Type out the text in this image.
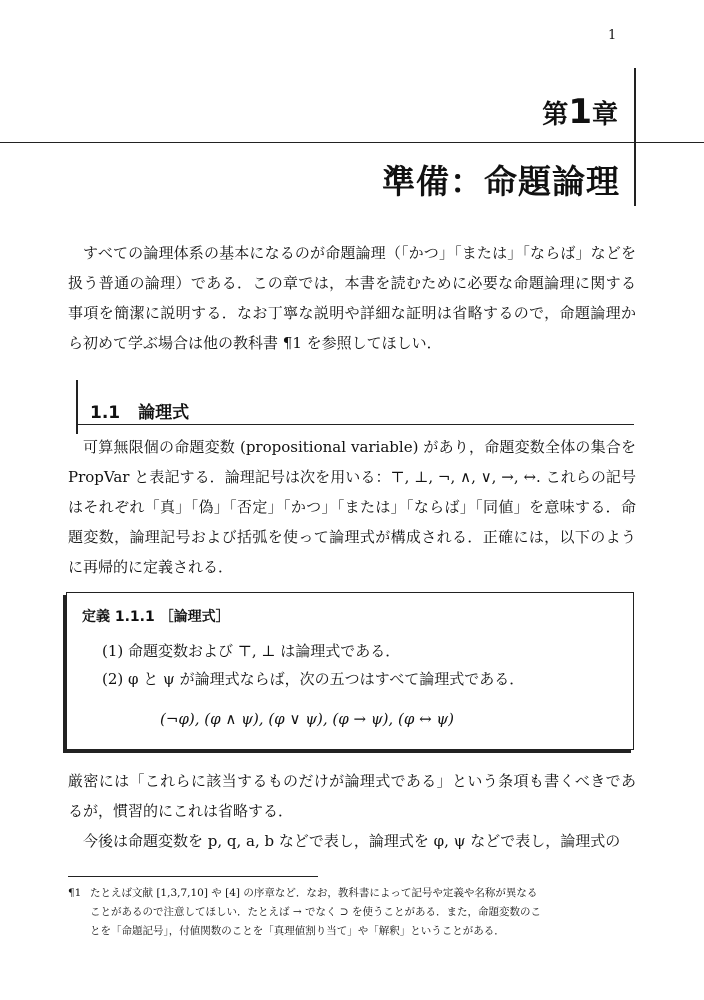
1
第1章
準備：命題論理
すべての論理体系の基本になるのが命題論理（「かつ」「または」「ならば」などを扱う普通の論理）である．この章では，本書を読むために必要な命題論理に関する事項を簡潔に説明する．なお丁寧な説明や詳細な証明は省略するので，命題論理から初めて学ぶ場合は他の教科書 ¶1 を参照してほしい．
1.1 論理式
可算無限個の命題変数 (propositional variable) があり，命題変数全体の集合を PropVar と表記する．論理記号は次を用いる：⊤, ⊥, ¬, ∧, ∨, →, ↔. これらの記号はそれぞれ「真」「偽」「否定」「かつ」「または」「ならば」「同値」を意味する．命題変数，論理記号および括弧を使って論理式が構成される．正確には，以下のように再帰的に定義される．
定義 1.1.1 ［論理式］
(1) 命題変数および ⊤, ⊥ は論理式である．
(2) φ と ψ が論理式ならば，次の五つはすべて論理式である．
(¬φ), (φ ∧ ψ), (φ ∨ ψ), (φ → ψ), (φ ↔ ψ)
厳密には「これらに該当するものだけが論理式である」という条項も書くべきであるが，慣習的にこれは省略する．
今後は命題変数を p, q, a, b などで表し，論理式を φ, ψ などで表し，論理式の
¶1 たとえば文献 [1,3,7,10] や [4] の序章など．なお，教科書によって記号や定義や名称が異なる
ことがあるので注意してほしい．たとえば → でなく ⊃ を使うことがある．また，命題変数のこ
とを「命題記号」，付値関数のことを「真理値割り当て」や「解釈」ということがある．
